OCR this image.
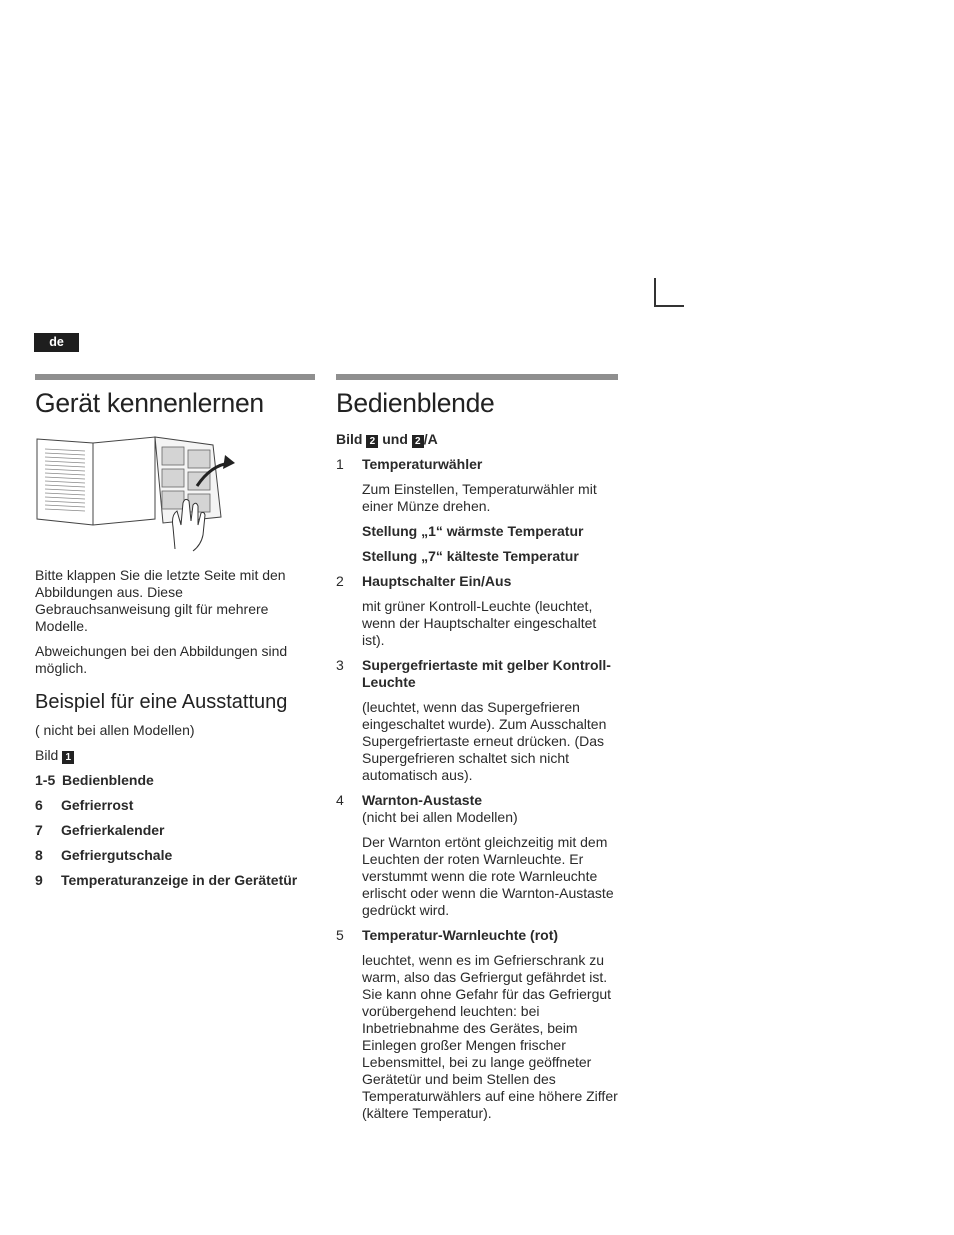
de
Gerät kennenlernen

Bitte klappen Sie die letzte Seite mit den Abbildungen aus. Diese Gebrauchsanweisung gilt für mehrere Modelle.

Abweichungen bei den Abbildungen sind möglich.

Beispiel für eine Ausstattung

( nicht bei allen Modellen)

Bild 1

1-5 Bedienblende
6 Gefrierrost
7 Gefrierkalender
8 Gefriergutschale
9 Temperaturanzeige in der Gerätetür
Bedienblende

Bild 2 und 2 /A

1 Temperaturwähler

Zum Einstellen, Temperaturwähler mit einer Münze drehen.

Stellung „1“ wärmste Temperatur

Stellung „7“ kälteste Temperatur

2 Hauptschalter Ein/Aus

mit grüner Kontroll-Leuchte (leuchtet, wenn der Hauptschalter eingeschaltet ist).

3 Supergefriertaste mit gelber Kontroll-Leuchte

(leuchtet, wenn das Supergefrieren eingeschaltet wurde). Zum Ausschalten Supergefriertaste erneut drücken. (Das Supergefrieren schaltet sich nicht automatisch aus).

4 Warnton-Austaste
(nicht bei allen Modellen)

Der Warnton ertönt gleichzeitig mit dem Leuchten der roten Warnleuchte. Er verstummt wenn die rote Warnleuchte erlischt oder wenn die Warnton-Austaste gedrückt wird.

5 Temperatur-Warnleuchte (rot)

leuchtet, wenn es im Gefrierschrank zu warm, also das Gefriergut gefährdet ist.

Sie kann ohne Gefahr für das Gefriergut vorübergehend leuchten: bei Inbetriebnahme des Gerätes, beim Einlegen großer Mengen frischer Lebensmittel, bei zu lange geöffneter Gerätetür und beim Stellen des Temperaturwählers auf eine höhere Ziffer (kältere Temperatur).
